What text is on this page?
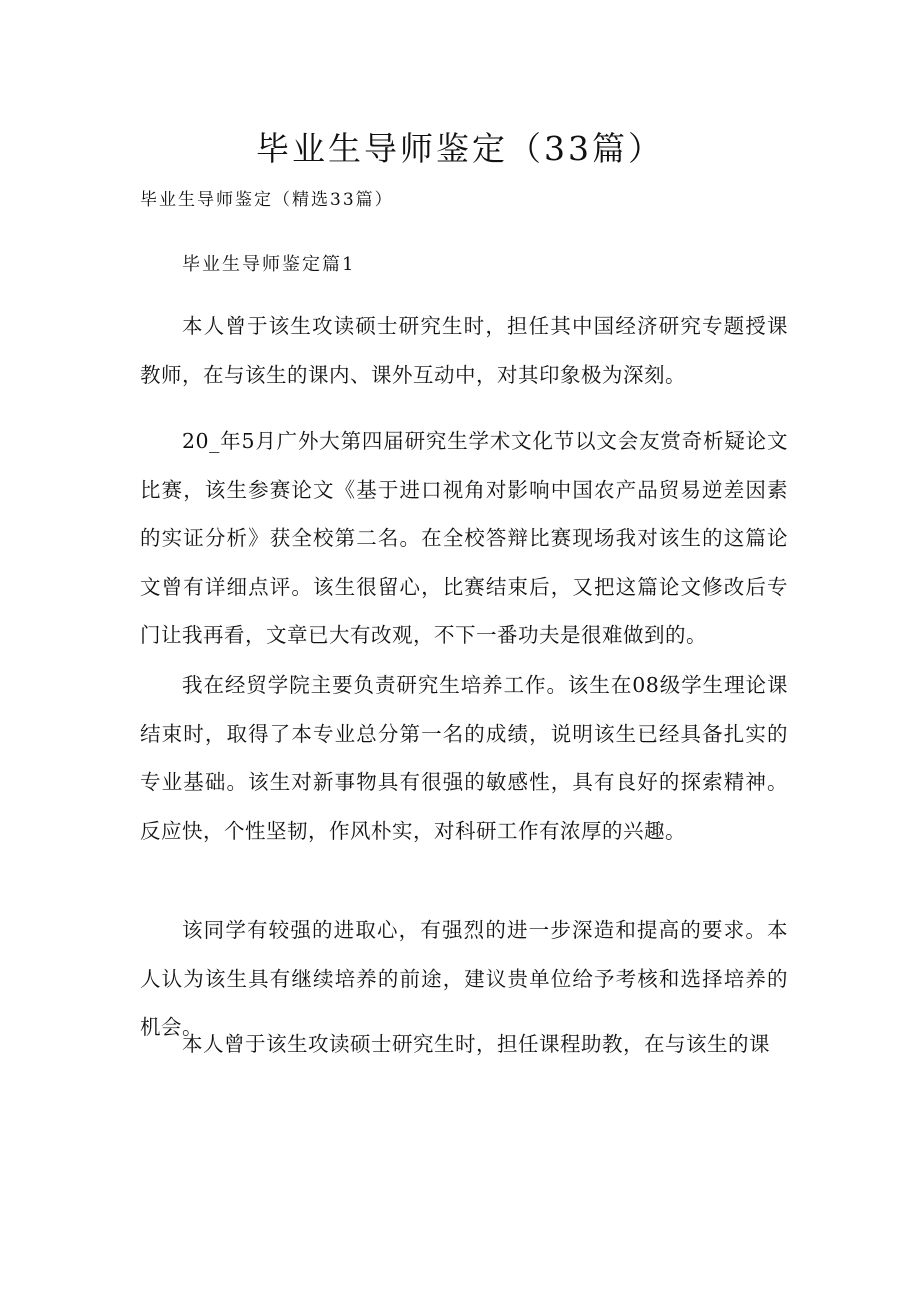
毕业生导师鉴定（33篇）

毕业生导师鉴定（精选33篇）

毕业生导师鉴定篇1

本人曾于该生攻读硕士研究生时，担任其中国经济研究专题授课教师，在与该生的课内、课外互动中，对其印象极为深刻。

20_年5月广外大第四届研究生学术文化节以文会友赏奇析疑论文比赛，该生参赛论文《基于进口视角对影响中国农产品贸易逆差因素的实证分析》获全校第二名。在全校答辩比赛现场我对该生的这篇论文曾有详细点评。该生很留心，比赛结束后，又把这篇论文修改后专门让我再看，文章已大有改观，不下一番功夫是很难做到的。

我在经贸学院主要负责研究生培养工作。该生在08级学生理论课结束时，取得了本专业总分第一名的成绩，说明该生已经具备扎实的专业基础。该生对新事物具有很强的敏感性，具有良好的探索精神。反应快，个性坚韧，作风朴实，对科研工作有浓厚的兴趣。

该同学有较强的进取心，有强烈的进一步深造和提高的要求。本人认为该生具有继续培养的前途，建议贵单位给予考核和选择培养的机会。

本人曾于该生攻读硕士研究生时，担任课程助教，在与该生的课
